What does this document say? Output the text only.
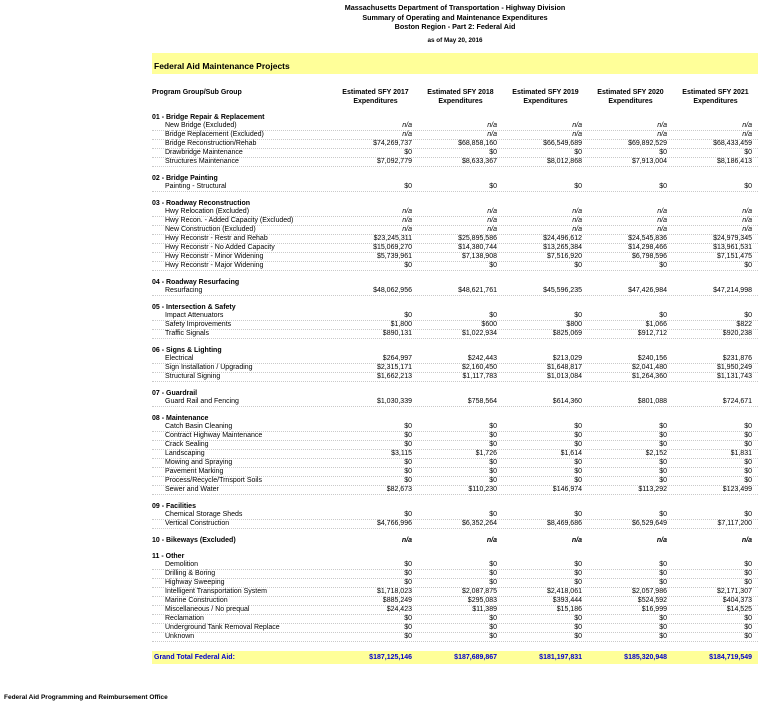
Massachusetts Department of Transportation - Highway Division
Summary of Operating and Maintenance Expenditures
Boston Region - Part 2: Federal Aid
as of May 20, 2016
Federal Aid Maintenance Projects
Program Group/Sub Group	Estimated SFY 2017
Expenditures
Estimated SFY 2018
Expenditures
Estimated SFY 2019
Expenditures
Estimated SFY 2020
Expenditures
Estimated SFY 2021
Expenditures
01 - Bridge Repair & Replacement
New Bridge (Excluded)	n/a	n/a	n/a	n/a	n/a
Bridge Replacement (Excluded)	n/a	n/a	n/a	n/a	n/a
Bridge Reconstruction/Rehab	$74,269,737	$68,858,160	$66,549,689	$69,892,529	$68,433,459
Drawbridge Maintenance	$0	$0	$0	$0	$0
Structures Maintenance	$7,092,779	$8,633,367	$8,012,868	$7,913,004	$8,186,413
02 - Bridge Painting
Painting - Structural	$0	$0	$0	$0	$0
03 - Roadway Reconstruction
Hwy Relocation (Excluded)	n/a	n/a	n/a	n/a	n/a
Hwy Recon. - Added Capacity (Excluded)	n/a	n/a	n/a	n/a	n/a
New Construction (Excluded)	n/a	n/a	n/a	n/a	n/a
Hwy Reconstr - Restr and Rehab	$23,245,311	$25,895,586	$24,496,612	$24,545,836	$24,979,345
Hwy Reconstr - No Added Capacity	$15,069,270	$14,380,744	$13,265,384	$14,298,466	$13,961,531
Hwy Reconstr - Minor Widening	$5,739,961	$7,138,908	$7,516,920	$6,798,596	$7,151,475
Hwy Reconstr - Major Widening	$0	$0	$0	$0	$0
04 - Roadway Resurfacing
Resurfacing	$48,062,956	$48,621,761	$45,596,235	$47,426,984	$47,214,998
05 - Intersection & Safety
Impact Attenuators	$0	$0	$0	$0	$0
Safety Improvements	$1,800	$600	$800	$1,066	$822
Traffic Signals	$890,131	$1,022,934	$825,069	$912,712	$920,238
06 - Signs & Lighting
Electrical	$264,997	$242,443	$213,029	$240,156	$231,876
Sign Installation / Upgrading	$2,315,171	$2,160,450	$1,648,817	$2,041,480	$1,950,249
Structural Signing	$1,662,213	$1,117,783	$1,013,084	$1,264,360	$1,131,743
07 - Guardrail
Guard Rail and Fencing	$1,030,339	$758,564	$614,360	$801,088	$724,671
08 - Maintenance
Catch Basin Cleaning	$0	$0	$0	$0	$0
Contract Highway Maintenance	$0	$0	$0	$0	$0
Crack Sealing	$0	$0	$0	$0	$0
Landscaping	$3,115	$1,726	$1,614	$2,152	$1,831
Mowing and Spraying	$0	$0	$0	$0	$0
Pavement Marking	$0	$0	$0	$0	$0
Process/Recycle/Trnsport Soils	$0	$0	$0	$0	$0
Sewer and Water	$82,673	$110,230	$146,974	$113,292	$123,499
09 - Facilities
Chemical Storage Sheds	$0	$0	$0	$0	$0
Vertical Construction	$4,766,996	$6,352,264	$8,469,686	$6,529,649	$7,117,200
10 - Bikeways (Excluded)	n/a	n/a	n/a	n/a	n/a
11 - Other
Demolition	$0	$0	$0	$0	$0
Drilling & Boring	$0	$0	$0	$0	$0
Highway Sweeping	$0	$0	$0	$0	$0
Intelligent Transportation System	$1,718,023	$2,087,875	$2,418,061	$2,057,986	$2,171,307
Marine Construction	$885,249	$295,083	$393,444	$524,592	$404,373
Miscellaneous / No prequal	$24,423	$11,389	$15,186	$16,999	$14,525
Reclamation	$0	$0	$0	$0	$0
Underground Tank Removal Replace	$0	$0	$0	$0	$0
Unknown	$0	$0	$0	$0	$0
Grand Total Federal Aid:	$187,125,146	$187,689,867	$181,197,831	$185,320,948	$184,719,549
Federal Aid Programming and Reimbursement Office
